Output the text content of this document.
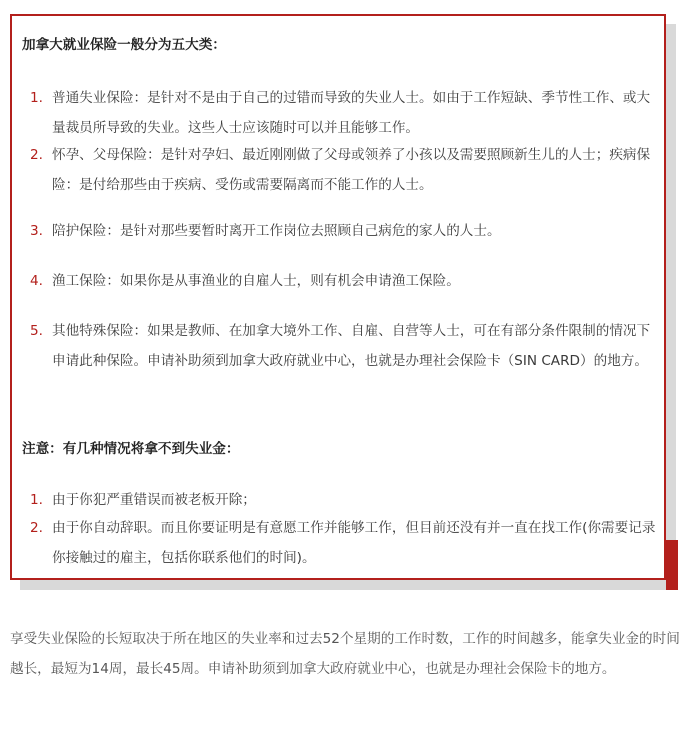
加拿大就业保险一般分为五大类：
1. 普通失业保险：是针对不是由于自己的过错而导致的失业人士。如由于工作短缺、季节性工作、或大量裁员所导致的失业。这些人士应该随时可以并且能够工作。
2. 怀孕、父母保险：是针对孕妇、最近刚刚做了父母或领养了小孩以及需要照顾新生儿的人士；疾病保险：是付给那些由于疾病、受伤或需要隔离而不能工作的人士。
3. 陪护保险：是针对那些要暂时离开工作岗位去照顾自己病危的家人的人士。
4. 渔工保险：如果你是从事渔业的自雇人士，则有机会申请渔工保险。
5. 其他特殊保险：如果是教师、在加拿大境外工作、自雇、自营等人士，可在有部分条件限制的情况下申请此种保险。申请补助须到加拿大政府就业中心，也就是办理社会保险卡（SIN CARD）的地方。
注意：有几种情况将拿不到失业金：
1. 由于你犯严重错误而被老板开除；
2. 由于你自动辞职。而且你要证明是有意愿工作并能够工作，但目前还没有并一直在找工作(你需要记录你接触过的雇主，包括你联系他们的时间)。
享受失业保险的长短取决于所在地区的失业率和过去52个星期的工作时数，工作的时间越多，能拿失业金的时间越长，最短为14周，最长45周。申请补助须到加拿大政府就业中心，也就是办理社会保险卡的地方。
